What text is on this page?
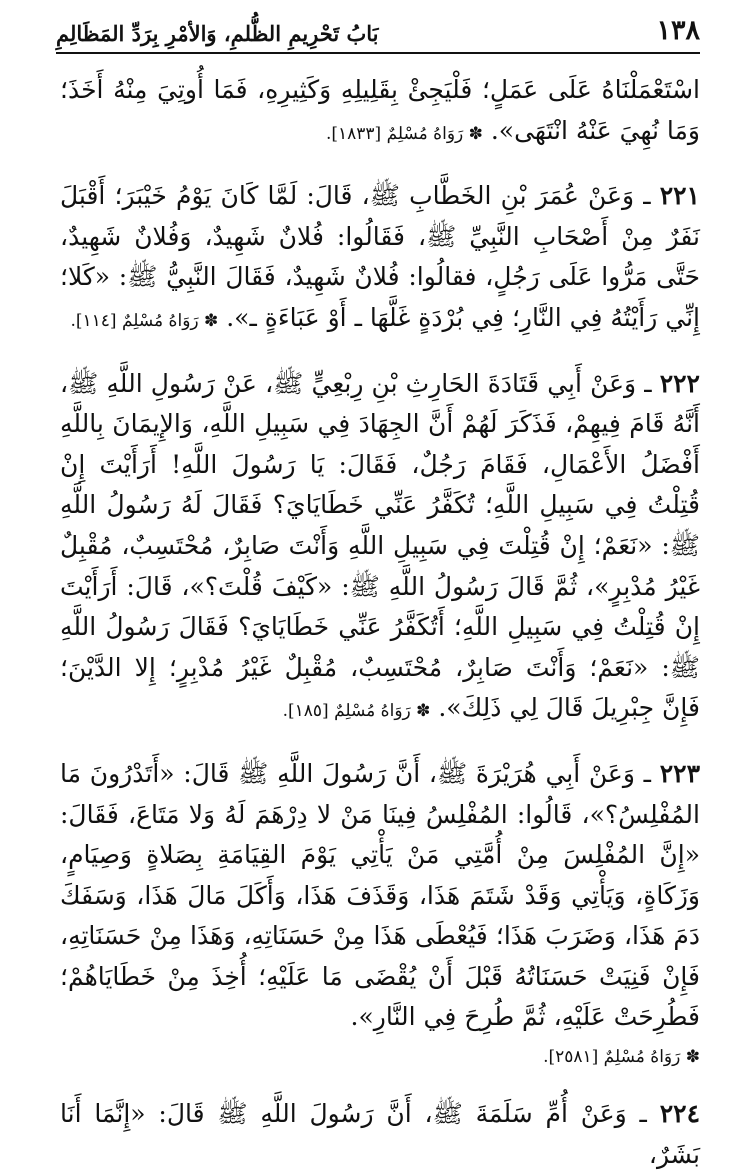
١٣٨
بَابُ تَحْرِيمِ الظُّلمِ، وَالأمْرِ بِرَدِّ المَظَالِمِ

اسْتَعْمَلْنَاهُ عَلَى عَمَلٍ؛ فَلْيَجِئْ بِقَلِيلِهِ وَكَثِيرِهِ، فَمَا أُوتِيَ مِنْهُ أَخَذَ؛ وَمَا نُهِيَ عَنْهُ انْتَهَى». ✽ رَوَاهُ مُسْلِمٌ [١٨٣٣].

٢٢١ ـ وَعَنْ عُمَرَ بْنِ الخَطَّابِ ﷺ، قَالَ: لَمَّا كَانَ يَوْمُ خَيْبَرَ؛ أَقْبَلَ نَفَرٌ مِنْ أَصْحَابِ النَّبِيِّ ﷺ، فَقَالُوا: فُلانٌ شَهِيدٌ، وَفُلانٌ شَهِيدٌ، حَتَّى مَرُّوا عَلَى رَجُلٍ، فقالُوا: فُلانٌ شَهِيدٌ، فَقَالَ النَّبِيُّ ﷺ: «كَلا؛ إِنِّي رَأَيْتُهُ فِي النَّارِ؛ فِي بُرْدَةٍ غَلَّهَا ـ أَوْ عَبَاءَةٍ ـ». ✽ رَوَاهُ مُسْلِمٌ [١١٤].

٢٢٢ ـ وَعَنْ أَبِي قَتَادَةَ الحَارِثِ بْنِ رِبْعِيٍّ ﷺ، عَنْ رَسُولِ اللَّهِ ﷺ، أَنَّهُ قَامَ فِيهِمْ، فَذَكَرَ لَهُمْ أَنَّ الجِهَادَ فِي سَبِيلِ اللَّهِ، وَالإِيمَانَ بِاللَّهِ أَفْضَلُ الأَعْمَالِ، فَقَامَ رَجُلٌ، فَقَالَ: يَا رَسُولَ اللَّهِ! أَرَأَيْتَ إِنْ قُتِلْتُ فِي سَبِيلِ اللَّهِ؛ تُكَفَّرُ عَنِّي خَطَايَايَ؟ فَقَالَ لَهُ رَسُولُ اللَّهِ ﷺ: «نَعَمْ؛ إِنْ قُتِلْتَ فِي سَبِيلِ اللَّهِ وَأَنْتَ صَابِرٌ، مُحْتَسِبٌ، مُقْبِلٌ غَيْرُ مُدْبِرٍ»، ثُمَّ قَالَ رَسُولُ اللَّهِ ﷺ: «كَيْفَ قُلْتَ؟»، قَالَ: أَرَأَيْتَ إِنْ قُتِلْتُ فِي سَبِيلِ اللَّهِ؛ أَتُكَفَّرُ عَنِّي خَطَايَايَ؟ فَقَالَ رَسُولُ اللَّهِ ﷺ: «نَعَمْ؛ وَأَنْتَ صَابِرٌ، مُحْتَسِبٌ، مُقْبِلٌ غَيْرُ مُدْبِرٍ؛ إِلا الدَّيْنَ؛ فَإِنَّ جِبْرِيلَ قَالَ لِي ذَلِكَ». ✽ رَوَاهُ مُسْلِمٌ [١٨٥].

٢٢٣ ـ وَعَنْ أَبِي هُرَيْرَةَ ﷺ، أَنَّ رَسُولَ اللَّهِ ﷺ قَالَ: «أَتَدْرُونَ مَا المُفْلِسُ؟»، قَالُوا: المُفْلِسُ فِينَا مَنْ لا دِرْهَمَ لَهُ وَلا مَتَاعَ، فَقَالَ: «إِنَّ المُفْلِسَ مِنْ أُمَّتِي مَنْ يَأْتِي يَوْمَ القِيَامَةِ بِصَلاةٍ وَصِيَامٍ، وَزَكَاةٍ، وَيَأْتِي وَقَدْ شَتَمَ هَذَا، وَقَذَفَ هَذَا، وَأَكَلَ مَالَ هَذَا، وَسَفَكَ دَمَ هَذَا، وَضَرَبَ هَذَا؛ فَيُعْطَى هَذَا مِنْ حَسَنَاتِهِ، وَهَذَا مِنْ حَسَنَاتِهِ، فَإِنْ فَنِيَتْ حَسَنَاتُهُ قَبْلَ أَنْ يُقْضَى مَا عَلَيْهِ؛ أُخِذَ مِنْ خَطَايَاهُمْ؛ فَطُرِحَتْ عَلَيْهِ، ثُمَّ طُرِحَ فِي النَّارِ».

✽ رَوَاهُ مُسْلِمٌ [٢٥٨١].

٢٢٤ ـ وَعَنْ أُمِّ سَلَمَةَ ﷺ، أَنَّ رَسُولَ اللَّهِ ﷺ قَالَ: «إِنَّمَا أَنَا بَشَرٌ،
